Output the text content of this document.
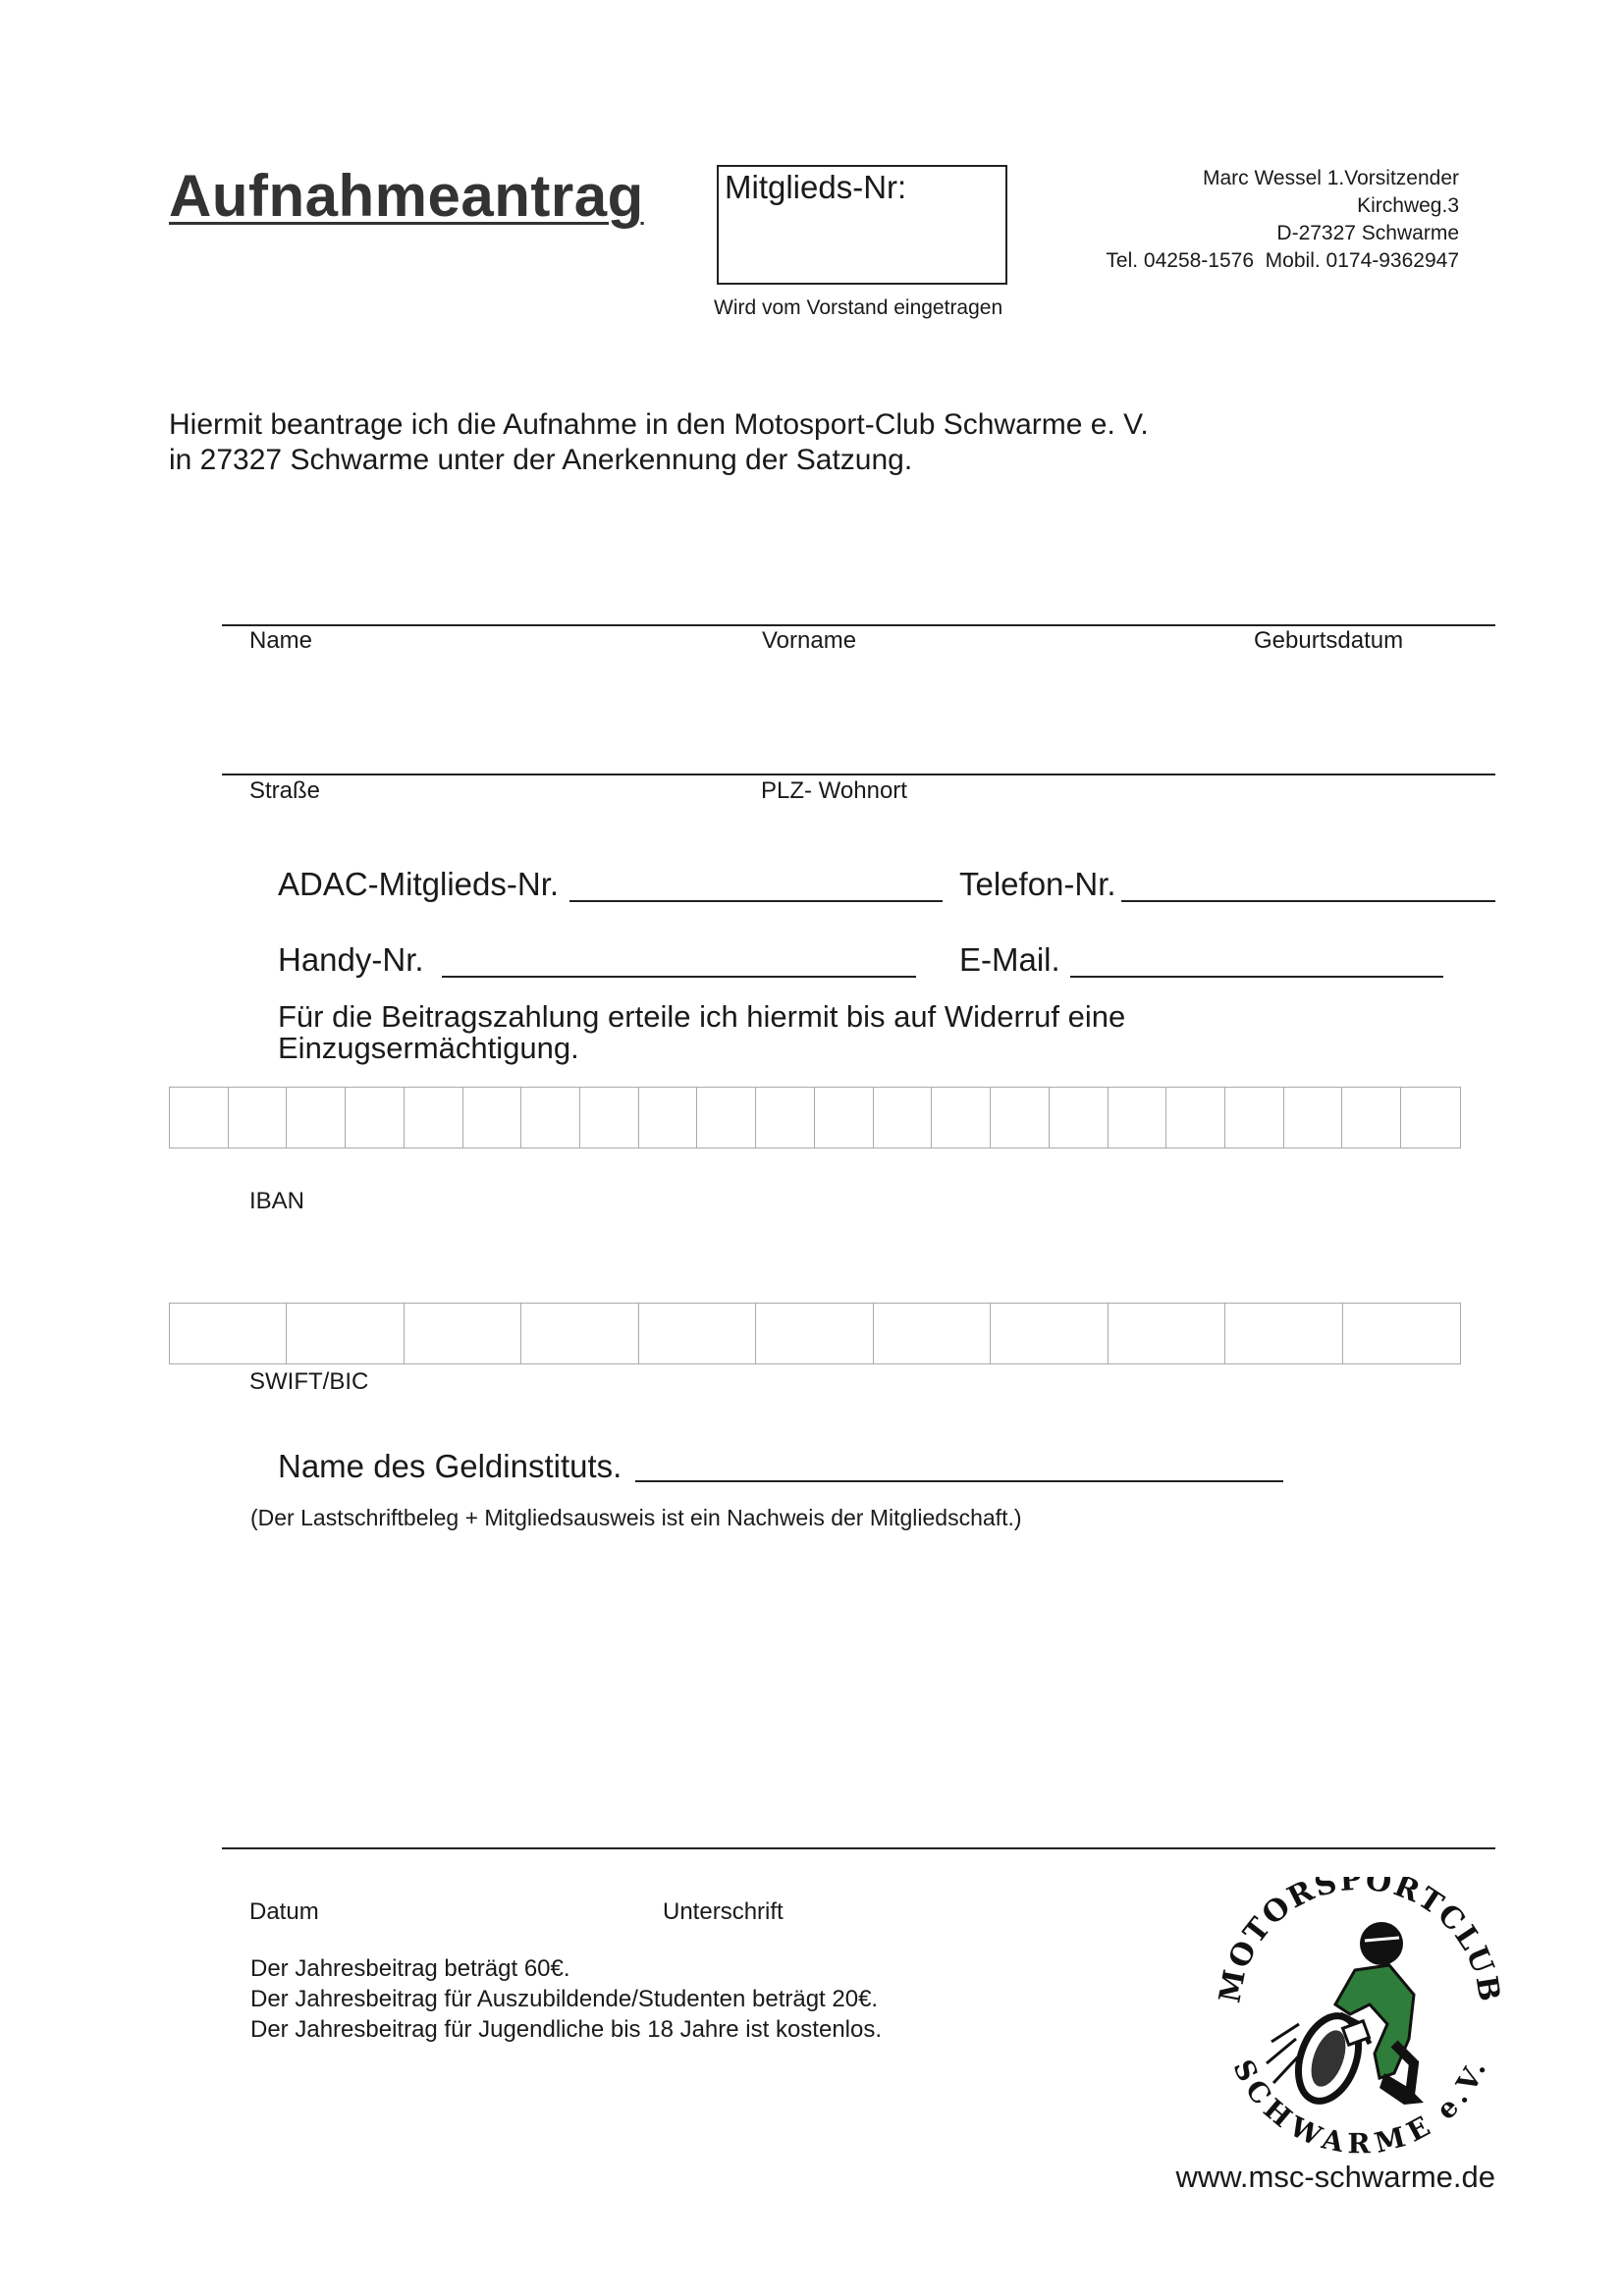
Aufnahmeantrag Mitglieds-Nr:
Wird vom Vorstand eingetragen
Marc Wessel 1.Vorsitzender
Kirchweg.3
D-27327 Schwarme
Tel. 04258-1576  Mobil. 0174-9362947
Hiermit beantrage ich die Aufnahme in den Motosport-Club Schwarme e. V.
in 27327 Schwarme unter der Anerkennung der Satzung.
Name	Vorname	Geburtsdatum
Straße	PLZ- Wohnort
ADAC-Mitglieds-Nr.	Telefon-Nr.
Handy-Nr.	E-Mail.
Für die Beitragszahlung erteile ich hiermit bis auf Widerruf eine
Einzugsermächtigung.
IBAN
SWIFT/BIC
Name des Geldinstituts.
(Der Lastschriftbeleg + Mitgliedsausweis ist ein Nachweis der Mitgliedschaft.)
Datum	Unterschrift
Der Jahresbeitrag beträgt 60€.
Der Jahresbeitrag für Auszubildende/Studenten beträgt 20€.
Der Jahresbeitrag für Jugendliche bis 18 Jahre ist kostenlos.
MOTORSPORTCLUB
SCHWARME e.V.
www.msc-schwarme.de
